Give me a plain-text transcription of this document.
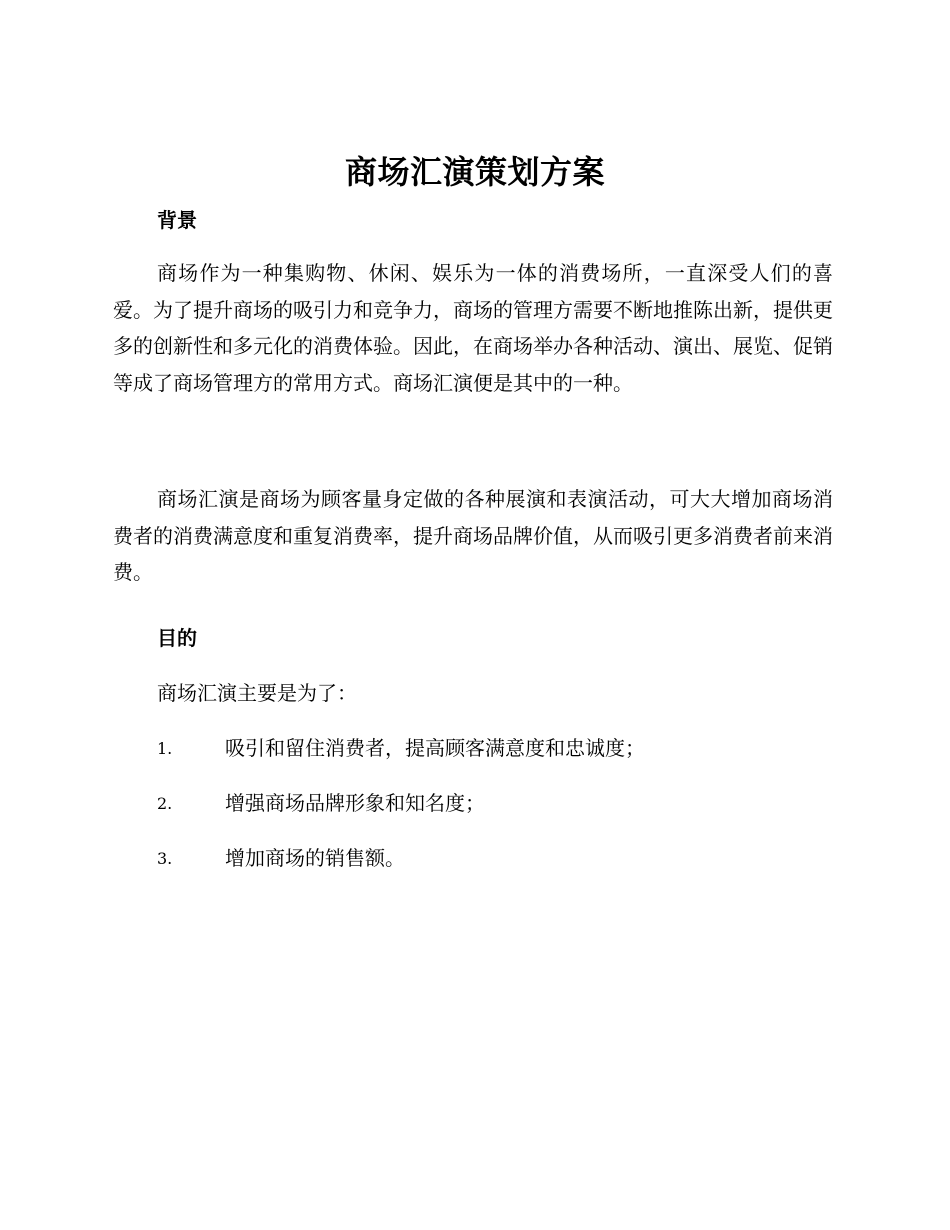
商场汇演策划方案
背景

商场作为一种集购物、休闲、娱乐为一体的消费场所，一直深受人们的喜爱。为了提升商场的吸引力和竞争力，商场的管理方需要不断地推陈出新，提供更多的创新性和多元化的消费体验。因此，在商场举办各种活动、演出、展览、促销等成了商场管理方的常用方式。商场汇演便是其中的一种。

商场汇演是商场为顾客量身定做的各种展演和表演活动，可大大增加商场消费者的消费满意度和重复消费率，提升商场品牌价值，从而吸引更多消费者前来消费。

目的
商场汇演主要是为了：
1.	吸引和留住消费者，提高顾客满意度和忠诚度；
2.	增强商场品牌形象和知名度；
3.	增加商场的销售额。
